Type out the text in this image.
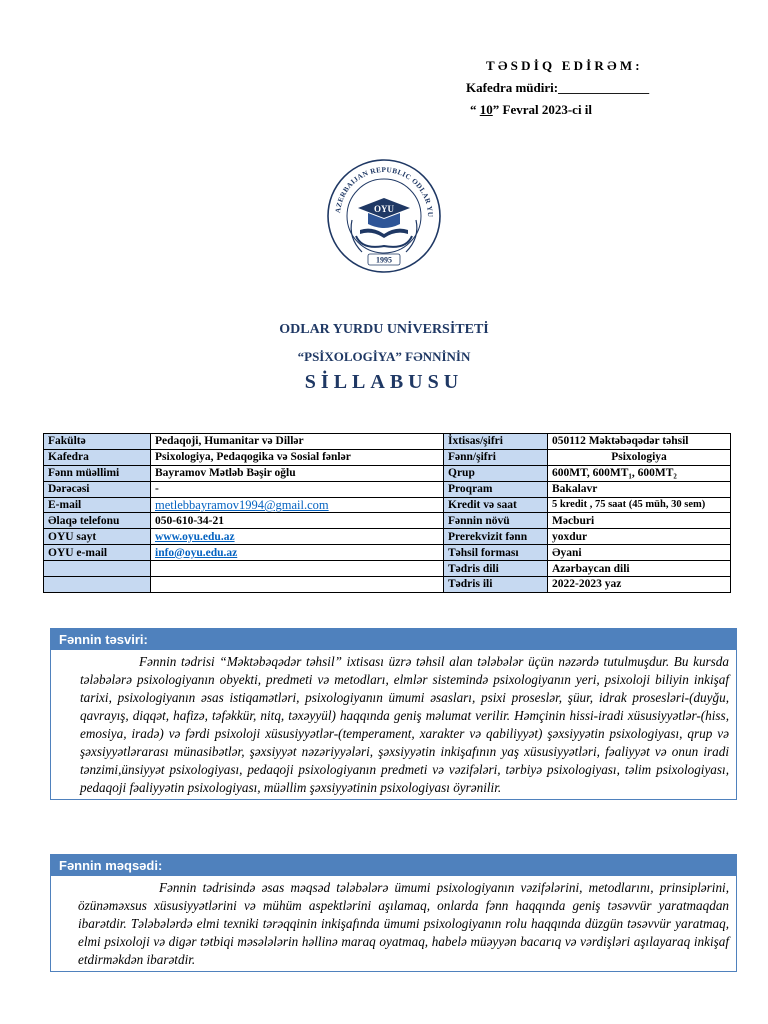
TƏSDİQ EDİRƏM:
Kafedra müdiri:______________
“ 10” Fevral 2023-ci il
AZERBAIJAN REPUBLIC ODLAR YU
OYU
1995
ODLAR YURDU UNİVERSİTETİ
“PSİXOLOGİYA” FƏNNİNİN
SİLLABUSU
Fakültə	Pedaqoji, Humanitar və Dillər	İxtisas/şifri	050112 Məktəbəqədər təhsil
Kafedra	Psixologiya, Pedaqogika və Sosial fənlər	Fənn/şifri	Psixologiya
Fənn müəllimi	Bayramov Mətləb Bəşir oğlu	Qrup	600MT, 600MT₁, 600MT₂
Dərəcəsi	-	Proqram	Bakalavr
E-mail	metlebbayramov1994@gmail.com	Kredit və saat	5 kredit , 75 saat (45 müh, 30 sem)
Əlaqə telefonu	050-610-34-21	Fənnin növü	Məcburi
OYU sayt	www.oyu.edu.az	Prerekvizit fənn	yoxdur
OYU e-mail	info@oyu.edu.az	Təhsil forması	Əyani
		Tədris dili	Azərbaycan dili
		Tədris ili	2022-2023 yaz
Fənnin təsviri:
Fənnin tədrisi “Məktəbəqədər təhsil” ixtisası üzrə təhsil alan tələbələr üçün nəzərdə tutulmuşdur. Bu kursda tələbələrə psixologiyanın obyekti, predmeti və metodları, elmlər sistemində psixologiyanın yeri, psixoloji biliyin inkişaf tarixi, psixologiyanın əsas istiqamətləri, psixologiyanın ümumi əsasları, psixi proseslər, şüur, idrak prosesləri-(duyğu, qavrayış, diqqət, hafizə, təfəkkür, nitq, təxəyyül) haqqında geniş məlumat verilir. Həmçinin hissi-iradi xüsusiyyətlər-(hiss, emosiya, iradə) və fərdi psixoloji xüsusiyyətlər-(temperament, xarakter və qabiliyyət) şəxsiyyətin psixologiyası, qrup və şəxsiyyətlərarası münasibətlər, şəxsiyyət nəzəriyyələri, şəxsiyyətin inkişafının yaş xüsusiyyətləri, fəaliyyət və onun iradi tənzimi,ünsiyyət psixologiyası, pedaqoji psixologiyanın predmeti və vəzifələri, tərbiyə psixologiyası, təlim psixologiyası, pedaqoji fəaliyyətin psixologiyası, müəllim şəxsiyyətinin psixologiyası öyrənilir.
Fənnin məqsədi:
Fənnin tədrisində əsas məqsəd tələbələrə ümumi psixologiyanın vəzifələrini, metodlarını, prinsiplərini, özünəməxsus xüsusiyyətlərini və mühüm aspektlərini aşılamaq, onlarda fənn haqqında geniş təsəvvür yaratmaqdan ibarətdir. Tələbələrdə elmi texniki tərəqqinin inkişafında ümumi psixologiyanın rolu haqqında düzgün təsəvvür yaratmaq, elmi psixoloji və digər tətbiqi məsələlərin həllinə maraq oyatmaq, habelə müəyyən bacarıq və vərdişləri aşılayaraq inkişaf etdirməkdən ibarətdir.
